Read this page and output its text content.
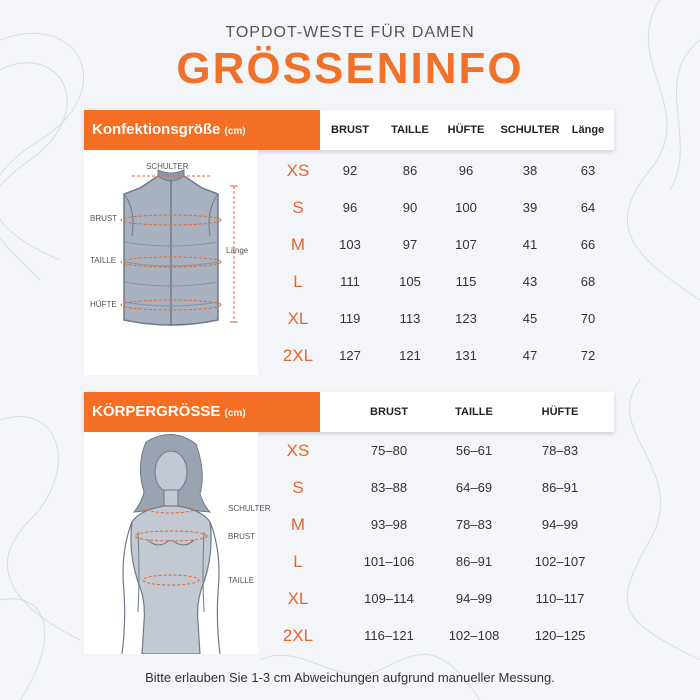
TOPDOT-WESTE FÜR DAMEN
GRÖSSENINFO
Konfektionsgröße (cm)	BRUST TAILLE HÜFTE SCHULTER Länge
SCHULTER
BRUST
TAILLE
HÜFTE
Länge
XS	92	86	96	38	63
S	96	90	100	39	64
M	103	97	107	41	66
L	111	105	115	43	68
XL	119	113	123	45	70
2XL	127	121	131	47	72
KÖRPERGRÖSSE (cm)	BRUST	TAILLE	HÜFTE
SCHULTER
BRUST
TAILLE
XS	75–80	56–61	78–83
S	83–88	64–69	86–91
M	93–98	78–83	94–99
L	101–106	86–91	102–107
XL	109–114	94–99	110–117
2XL	116–121	102–108	120–125
Bitte erlauben Sie 1-3 cm Abweichungen aufgrund manueller Messung.
